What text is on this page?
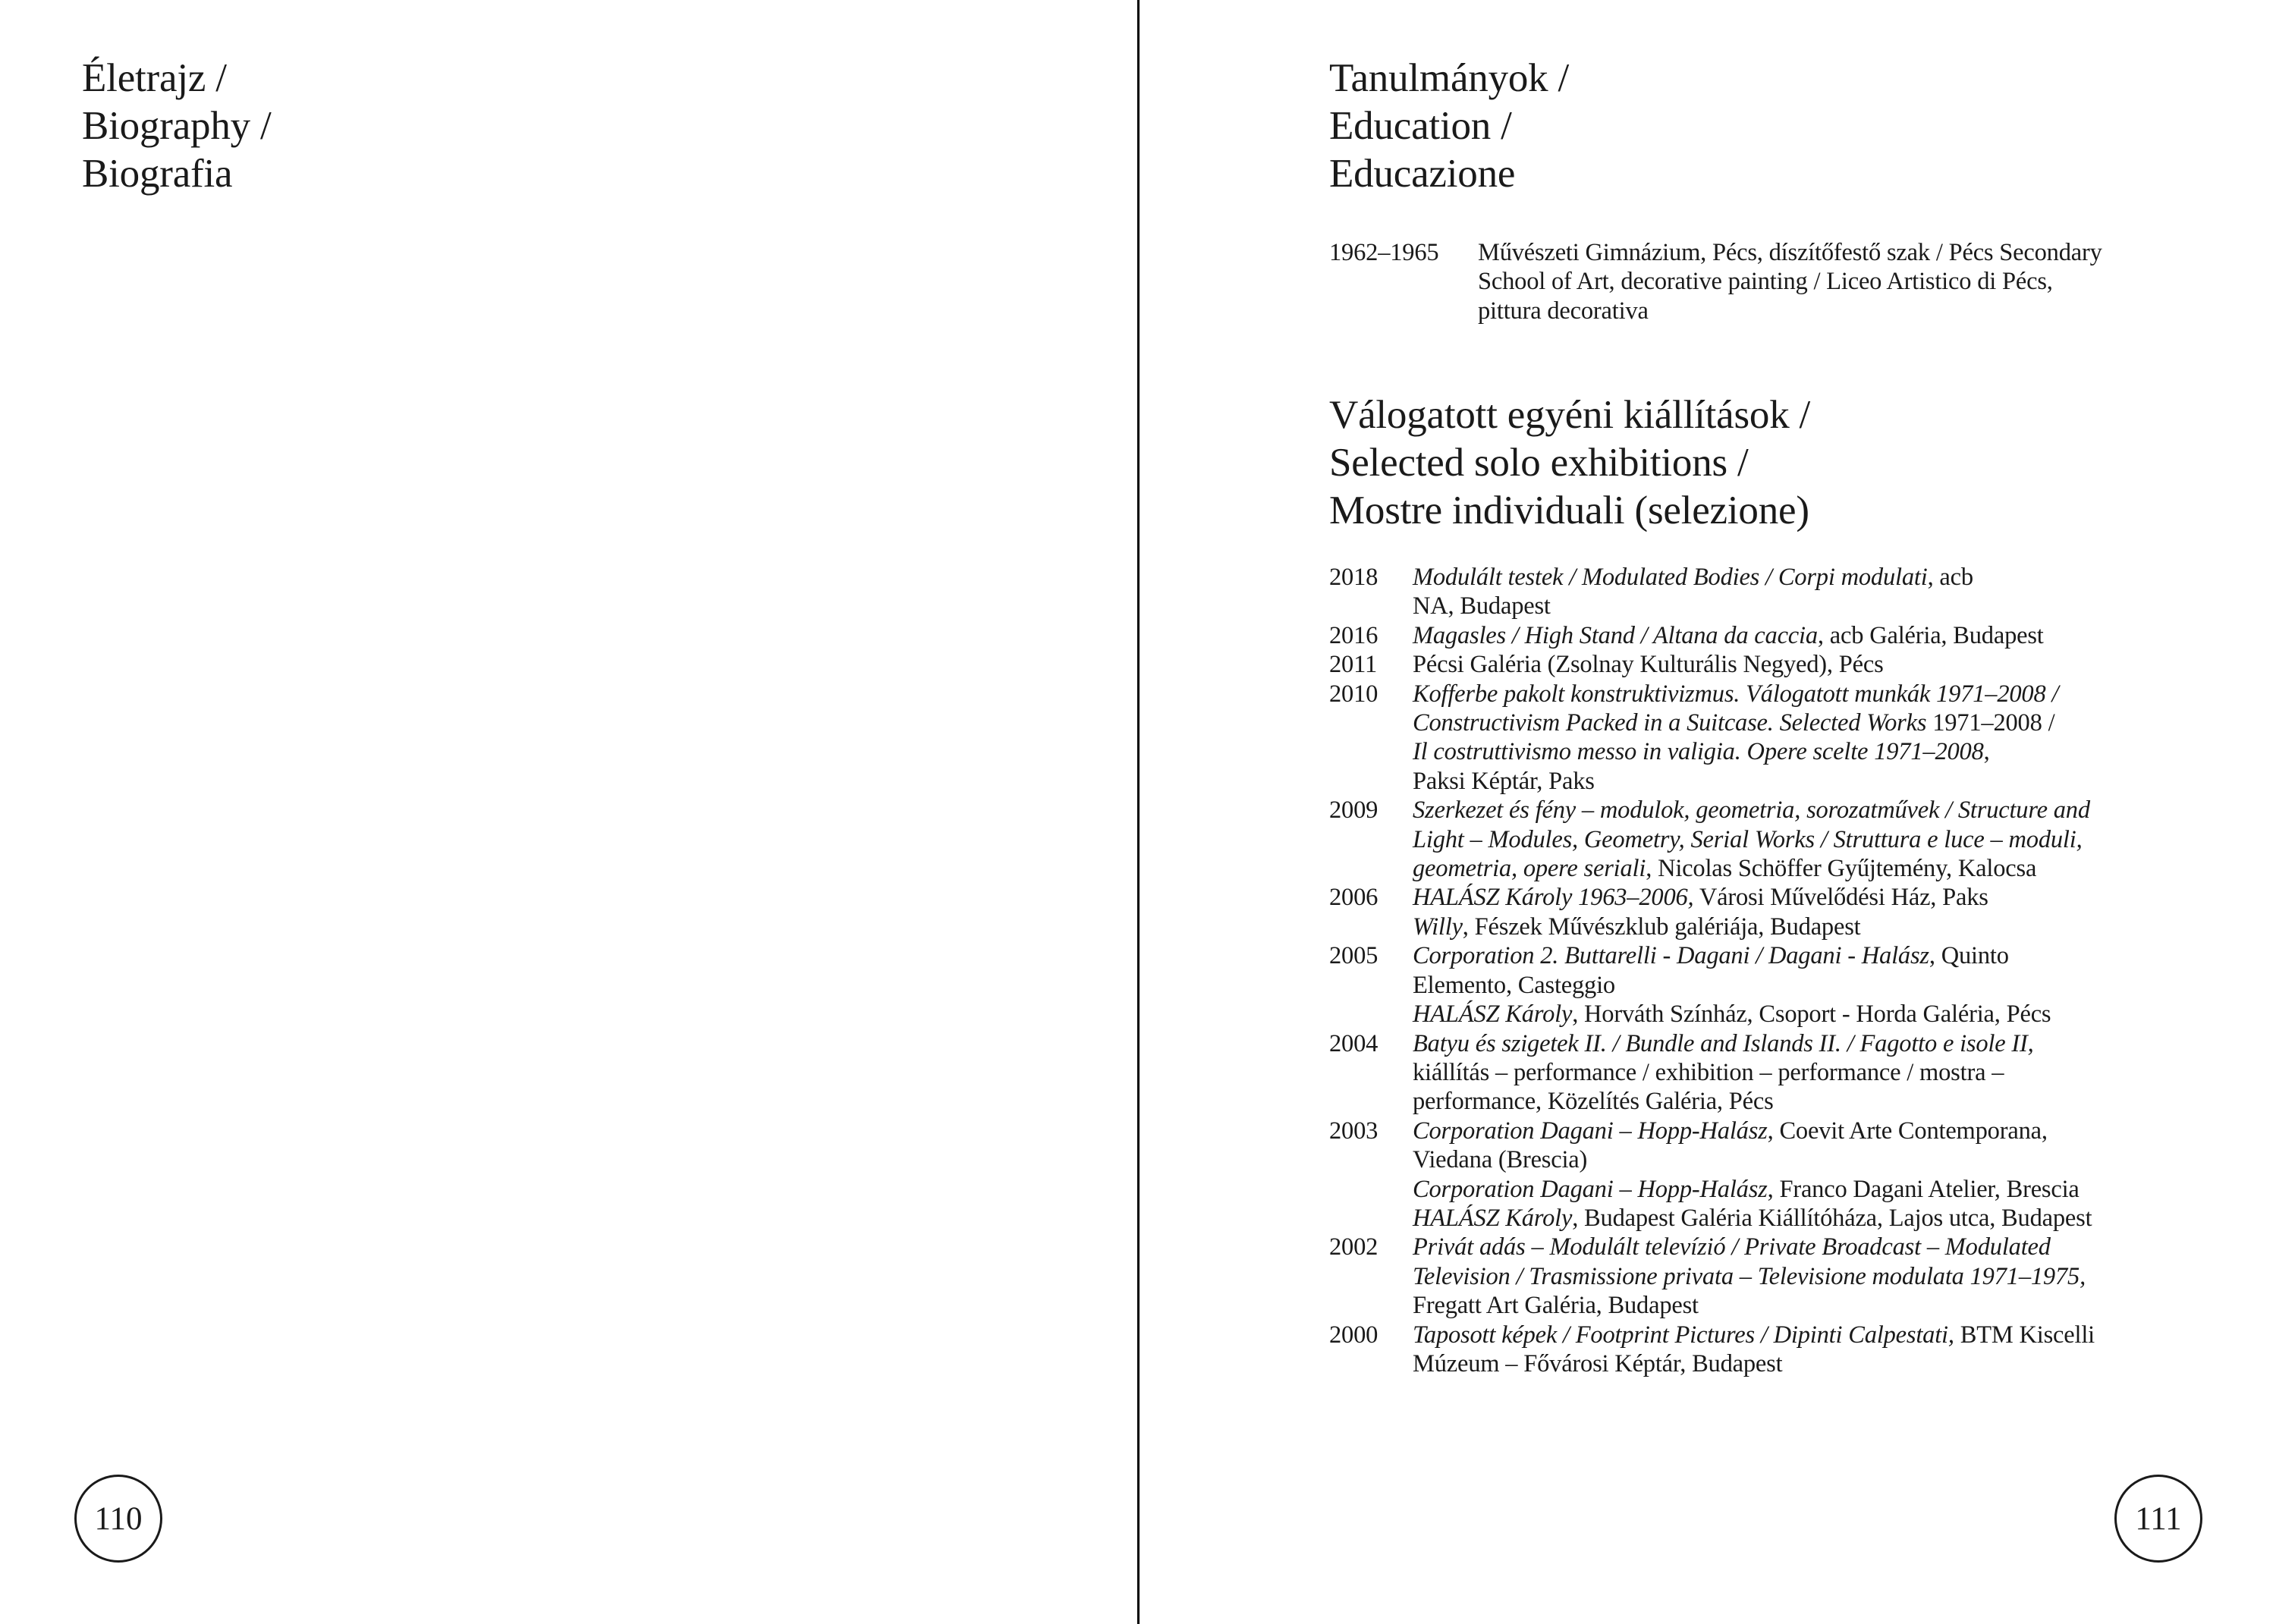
Életrajz /
Biography /
Biografia
110
Tanulmányok /
Education /
Educazione
1962–1965	Művészeti Gimnázium, Pécs, díszítőfestő szak / Pécs Secondary
School of Art, decorative painting / Liceo Artistico di Pécs,
pittura decorativa
Válogatott egyéni kiállítások /
Selected solo exhibitions /
Mostre individuali (selezione)
2018	Modulált testek / Modulated Bodies / Corpi modulati, acb
NA, Budapest
2016	Magasles / High Stand / Altana da caccia, acb Galéria, Budapest
2011	Pécsi Galéria (Zsolnay Kulturális Negyed), Pécs
2010	Kofferbe pakolt konstruktivizmus. Válogatott munkák 1971–2008 /
Constructivism Packed in a Suitcase. Selected Works 1971–2008 /
Il costruttivismo messo in valigia. Opere scelte 1971–2008,
Paksi Képtár, Paks
2009	Szerkezet és fény – modulok, geometria, sorozatművek / Structure and
Light – Modules, Geometry, Serial Works / Struttura e luce – moduli,
geometria, opere seriali, Nicolas Schöffer Gyűjtemény, Kalocsa
2006	HALÁSZ Károly 1963–2006, Városi Művelődési Ház, Paks
Willy, Fészek Művészklub galériája, Budapest
2005	Corporation 2. Buttarelli - Dagani / Dagani - Halász, Quinto
Elemento, Casteggio
HALÁSZ Károly, Horváth Színház, Csoport - Horda Galéria, Pécs
2004	Batyu és szigetek II. / Bundle and Islands II. / Fagotto e isole II,
kiállítás – performance / exhibition – performance / mostra –
performance, Közelítés Galéria, Pécs
2003	Corporation Dagani – Hopp-Halász, Coevit Arte Contemporana,
Viedana (Brescia)
Corporation Dagani – Hopp-Halász, Franco Dagani Atelier, Brescia
HALÁSZ Károly, Budapest Galéria Kiállítóháza, Lajos utca, Budapest
2002	Privát adás – Modulált televízió / Private Broadcast – Modulated
Television / Trasmissione privata – Televisione modulata 1971–1975,
Fregatt Art Galéria, Budapest
2000	Taposott képek / Footprint Pictures / Dipinti Calpestati, BTM Kiscelli
Múzeum – Fővárosi Képtár, Budapest
111
